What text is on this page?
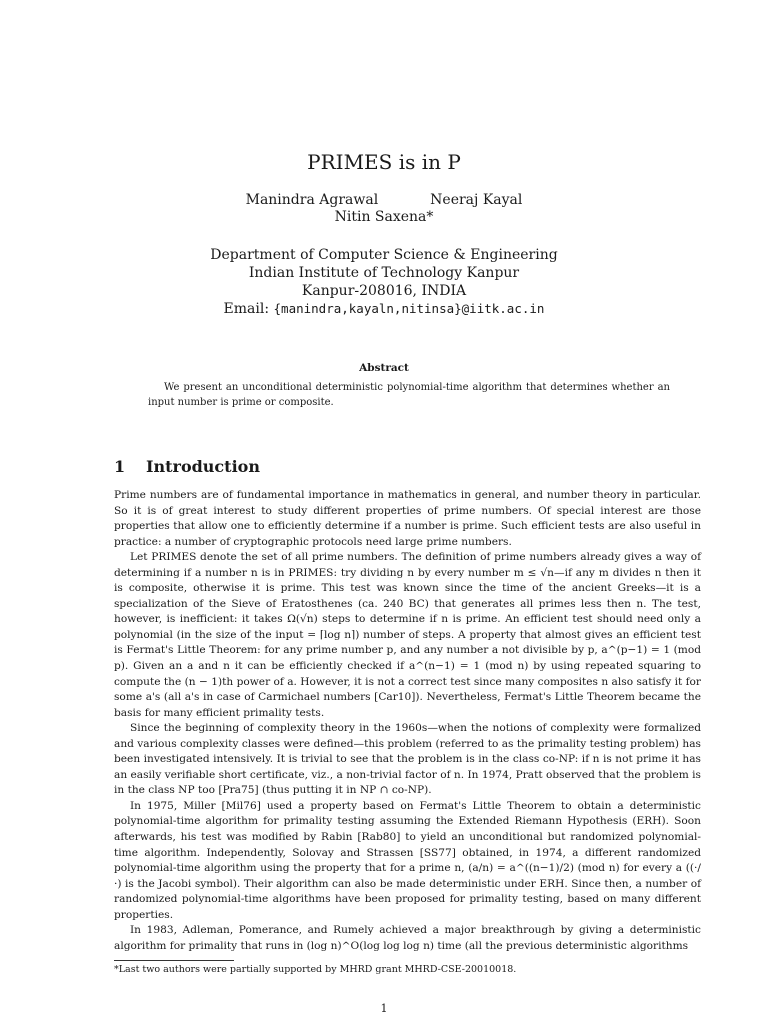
PRIMES is in P
Manindra Agrawal	Neeraj Kayal
Nitin Saxena*
Department of Computer Science & Engineering
Indian Institute of Technology Kanpur
Kanpur-208016, INDIA
Email: {manindra,kayaln,nitinsa}@iitk.ac.in
Abstract
We present an unconditional deterministic polynomial-time algorithm that determines whether an input number is prime or composite.
1 Introduction

Prime numbers are of fundamental importance in mathematics in general, and number theory in particular. So it is of great interest to study different properties of prime numbers. Of special interest are those properties that allow one to efficiently determine if a number is prime. Such efficient tests are also useful in practice: a number of cryptographic protocols need large prime numbers.

Let PRIMES denote the set of all prime numbers. The definition of prime numbers already gives a way of determining if a number n is in PRIMES: try dividing n by every number m ≤ √n—if any m divides n then it is composite, otherwise it is prime. This test was known since the time of the ancient Greeks—it is a specialization of the Sieve of Eratosthenes (ca. 240 BC) that generates all primes less then n. The test, however, is inefficient: it takes Ω(√n) steps to determine if n is prime. An efficient test should need only a polynomial (in the size of the input = ⌈log n⌉) number of steps. A property that almost gives an efficient test is Fermat's Little Theorem: for any prime number p, and any number a not divisible by p, a^(p−1) = 1 (mod p). Given an a and n it can be efficiently checked if a^(n−1) = 1 (mod n) by using repeated squaring to compute the (n − 1)th power of a. However, it is not a correct test since many composites n also satisfy it for some a's (all a's in case of Carmichael numbers [Car10]). Nevertheless, Fermat's Little Theorem became the basis for many efficient primality tests.

Since the beginning of complexity theory in the 1960s—when the notions of complexity were formalized and various complexity classes were defined—this problem (referred to as the primality testing problem) has been investigated intensively. It is trivial to see that the problem is in the class co-NP: if n is not prime it has an easily verifiable short certificate, viz., a non-trivial factor of n. In 1974, Pratt observed that the problem is in the class NP too [Pra75] (thus putting it in NP ∩ co-NP).

In 1975, Miller [Mil76] used a property based on Fermat's Little Theorem to obtain a deterministic polynomial-time algorithm for primality testing assuming the Extended Riemann Hypothesis (ERH). Soon afterwards, his test was modified by Rabin [Rab80] to yield an unconditional but randomized polynomial-time algorithm. Independently, Solovay and Strassen [SS77] obtained, in 1974, a different randomized polynomial-time algorithm using the property that for a prime n, (a/n) = a^((n−1)/2) (mod n) for every a ((·/·) is the Jacobi symbol). Their algorithm can also be made deterministic under ERH. Since then, a number of randomized polynomial-time algorithms have been proposed for primality testing, based on many different properties.

In 1983, Adleman, Pomerance, and Rumely achieved a major breakthrough by giving a deterministic algorithm for primality that runs in (log n)^O(log log log n) time (all the previous deterministic algorithms

*Last two authors were partially supported by MHRD grant MHRD-CSE-20010018.
1
